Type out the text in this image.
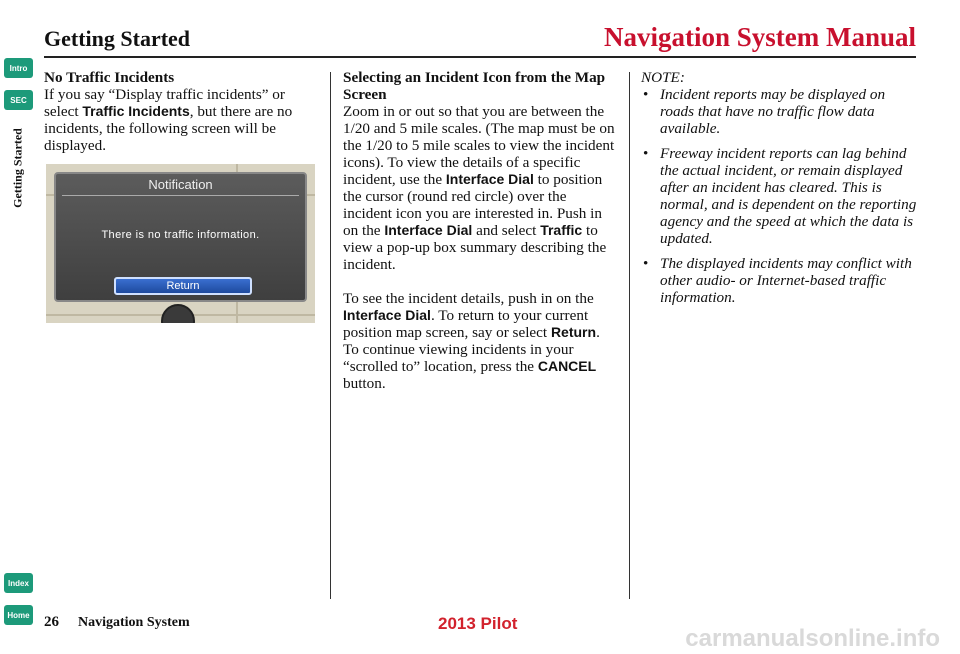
Getting Started	Navigation System Manual
Intro
SEC
Getting Started
Index
Home
No Traffic Incidents

If you say “Display traffic incidents” or select Traffic Incidents, but there are no incidents, the following screen will be displayed.

Notification
There is no traffic information.
Return
Selecting an Incident Icon from the Map Screen

Zoom in or out so that you are between the 1/20 and 5 mile scales. (The map must be on the 1/20 to 5 mile scales to view the incident icons). To view the details of a specific incident, use the Interface Dial to position the cursor (round red circle) over the incident icon you are interested in. Push in on the Interface Dial and select Traffic to view a pop-up box summary describing the incident.

To see the incident details, push in on the Interface Dial. To return to your current position map screen, say or select Return. To continue viewing incidents in your “scrolled to” location, press the CANCEL button.

NOTE:

• Incident reports may be displayed on roads that have no traffic flow data available.
• Freeway incident reports can lag behind the actual incident, or remain displayed after an incident has cleared. This is normal, and is dependent on the reporting agency and the speed at which the data is updated.
• The displayed incidents may conflict with other audio- or Internet-based traffic information.
26 Navigation System	2013 Pilot
carmanualsonline.info
